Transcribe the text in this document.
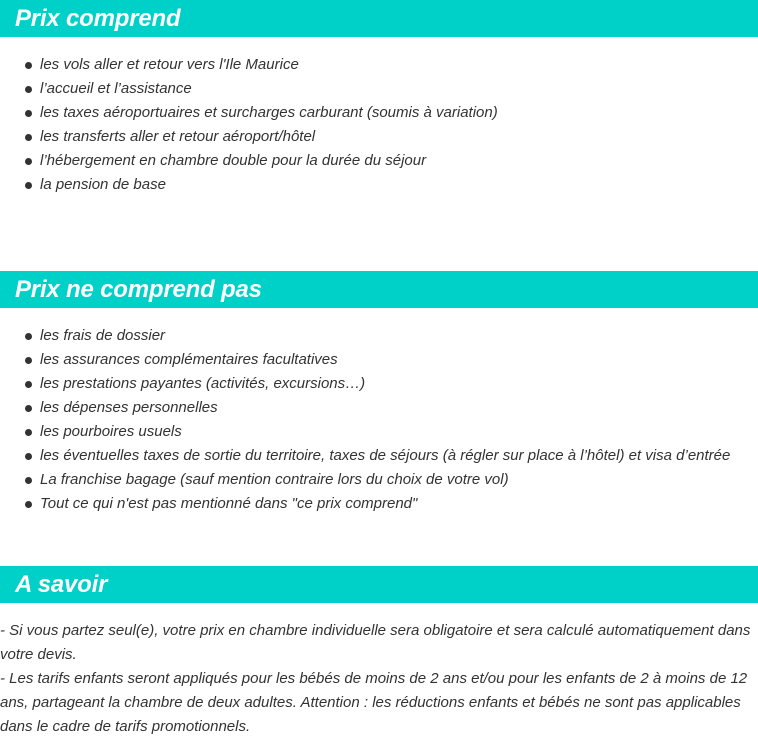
Prix comprend
les vols aller et retour vers l'Ile Maurice
l’accueil et l’assistance
les taxes aéroportuaires et surcharges carburant (soumis à variation)
les transferts aller et retour aéroport/hôtel
l’hébergement en chambre double pour la durée du séjour
la pension de base
Prix ne comprend pas
les frais de dossier
les assurances complémentaires facultatives
les prestations payantes (activités, excursions…)
les dépenses personnelles
les pourboires usuels
les éventuelles taxes de sortie du territoire, taxes de séjours (à régler sur place à l’hôtel) et visa d’entrée
La franchise bagage (sauf mention contraire lors du choix de votre vol)
Tout ce qui n'est pas mentionné dans "ce prix comprend"
A savoir

- Si vous partez seul(e), votre prix en chambre individuelle sera obligatoire et sera calculé automatiquement dans votre devis.

- Les tarifs enfants seront appliqués pour les bébés de moins de 2 ans et/ou pour les enfants de 2 à moins de 12 ans, partageant la chambre de deux adultes. Attention : les réductions enfants et bébés ne sont pas applicables dans le cadre de tarifs promotionnels.
